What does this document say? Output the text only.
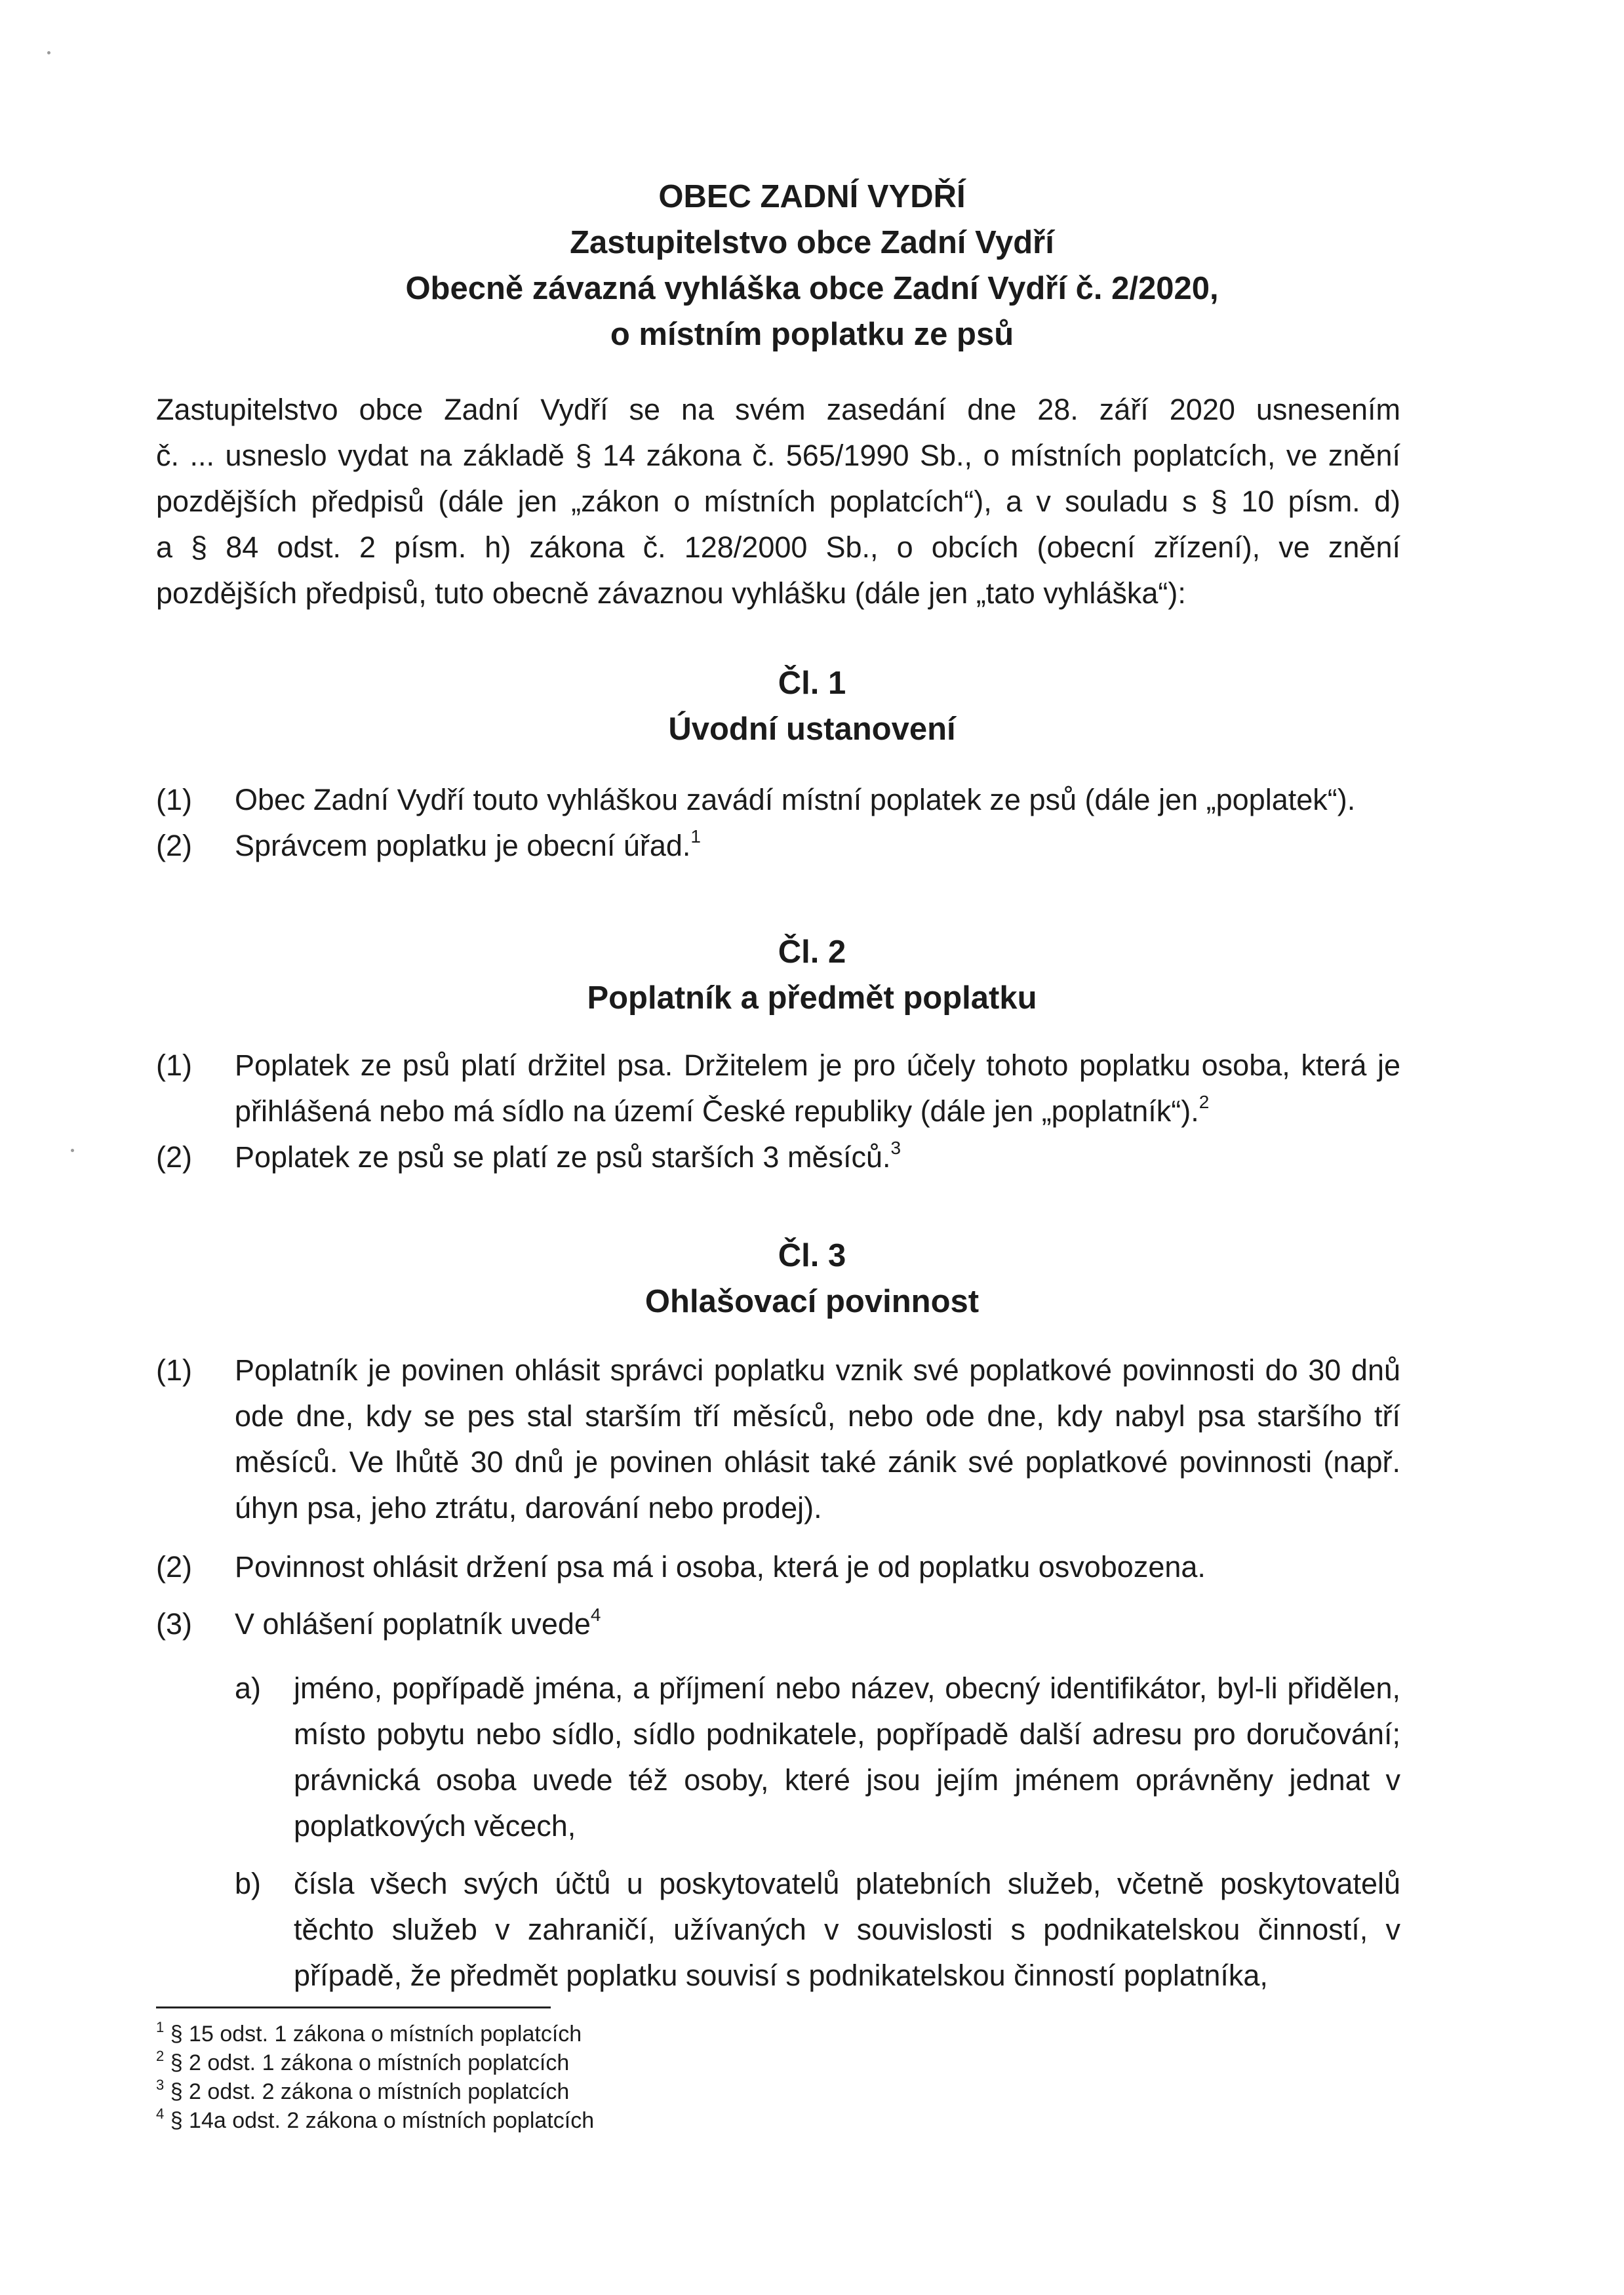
OBEC ZADNÍ VYDŘÍ
Zastupitelstvo obce Zadní Vydří
Obecně závazná vyhláška obce Zadní Vydří č. 2/2020,
o místním poplatku ze psů

Zastupitelstvo obce Zadní Vydří se na svém zasedání dne 28. září 2020 usnesením

č. ... usneslo vydat na základě § 14 zákona č. 565/1990 Sb., o místních poplatcích, ve znění

pozdějších předpisů (dále jen „zákon o místních poplatcích“), a v souladu s § 10 písm. d)

a § 84 odst. 2 písm. h) zákona č. 128/2000 Sb., o obcích (obecní zřízení), ve znění

pozdějších předpisů, tuto obecně závaznou vyhlášku (dále jen „tato vyhláška“):

Čl. 1
Úvodní ustanovení
(1) Obec Zadní Vydří touto vyhláškou zavádí místní poplatek ze psů (dále jen „poplatek“).

(2) Správcem poplatku je obecní úřad.$^1$

Čl. 2
Poplatník a předmět poplatku
(1) Poplatek ze psů platí držitel psa. Držitelem je pro účely tohoto poplatku osoba, která je přihlášená nebo má sídlo na území České republiky (dále jen „poplatník“).$^2$

(2) Poplatek ze psů se platí ze psů starších 3 měsíců.$^3$

Čl. 3
Ohlašovací povinnost
(1) Poplatník je povinen ohlásit správci poplatku vznik své poplatkové povinnosti do 30 dnů ode dne, kdy se pes stal starším tří měsíců, nebo ode dne, kdy nabyl psa staršího tří měsíců. Ve lhůtě 30 dnů je povinen ohlásit také zánik své poplatkové povinnosti (např. úhyn psa, jeho ztrátu, darování nebo prodej).

(2) Povinnost ohlásit držení psa má i osoba, která je od poplatku osvobozena.

(3) V ohlášení poplatník uvede$^4$

a) jméno, popřípadě jména, a příjmení nebo název, obecný identifikátor, byl-li přidělen, místo pobytu nebo sídlo, sídlo podnikatele, popřípadě další adresu pro doručování; právnická osoba uvede též osoby, které jsou jejím jménem oprávněny jednat v poplatkových věcech,

b) čísla všech svých účtů u poskytovatelů platebních služeb, včetně poskytovatelů těchto služeb v zahraničí, užívaných v souvislosti s podnikatelskou činností, v případě, že předmět poplatku souvisí s podnikatelskou činností poplatníka,

$^1$ § 15 odst. 1 zákona o místních poplatcích
$^2$ § 2 odst. 1 zákona o místních poplatcích
$^3$ § 2 odst. 2 zákona o místních poplatcích
$^4$ § 14a odst. 2 zákona o místních poplatcích
